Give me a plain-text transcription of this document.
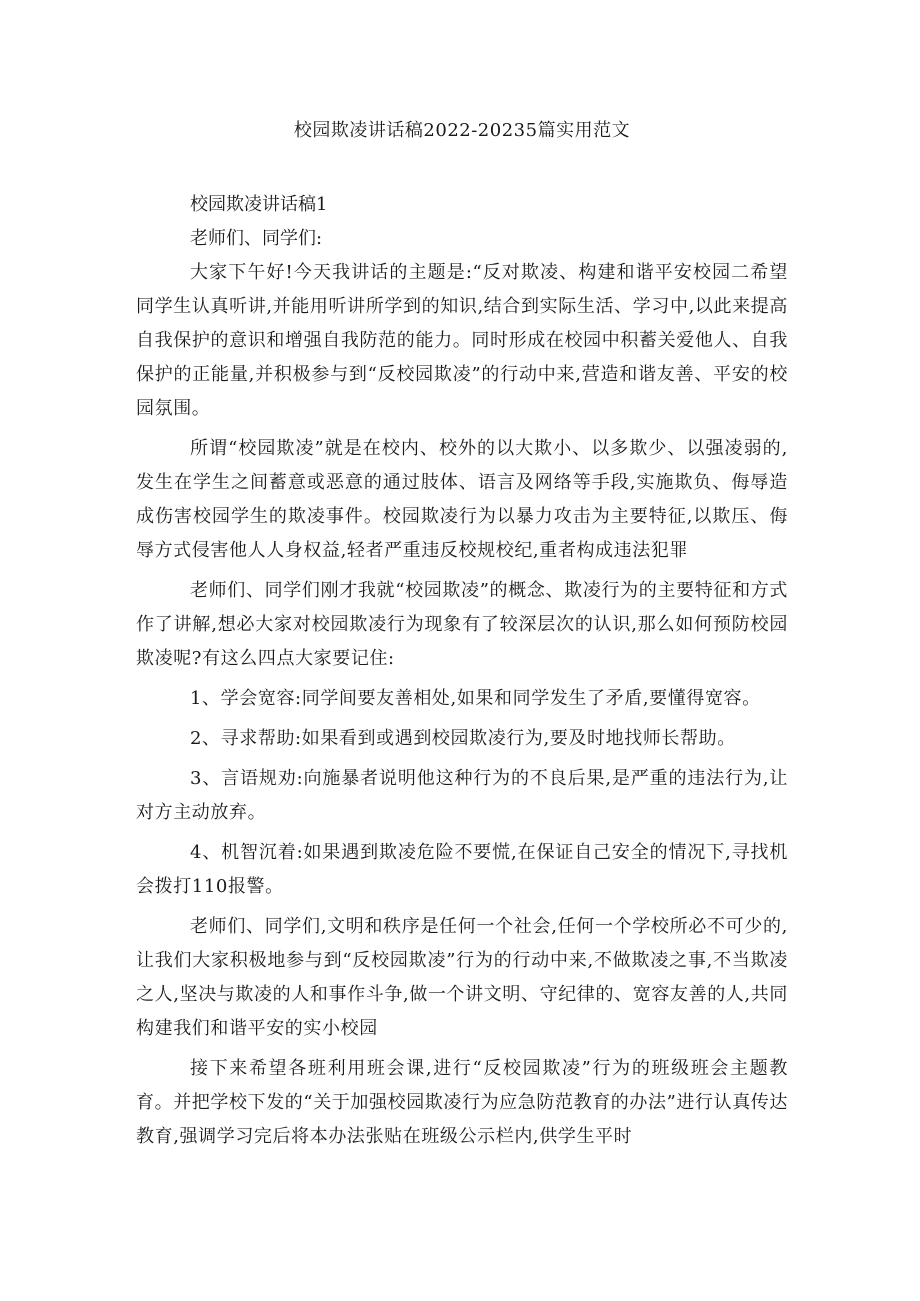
校园欺凌讲话稿2022-20235篇实用范文

校园欺凌讲话稿1

老师们、同学们:

大家下午好!今天我讲话的主题是:“反对欺凌、构建和谐平安校园二希望同学生认真听讲,并能用听讲所学到的知识,结合到实际生活、学习中,以此来提高自我保护的意识和增强自我防范的能力。同时形成在校园中积蓄关爱他人、自我保护的正能量,并积极参与到“反校园欺凌”的行动中来,营造和谐友善、平安的校园氛围。

所谓“校园欺凌”就是在校内、校外的以大欺小、以多欺少、以强凌弱的,发生在学生之间蓄意或恶意的通过肢体、语言及网络等手段,实施欺负、侮辱造成伤害校园学生的欺凌事件。校园欺凌行为以暴力攻击为主要特征,以欺压、侮辱方式侵害他人人身权益,轻者严重违反校规校纪,重者构成违法犯罪

老师们、同学们刚才我就“校园欺凌”的概念、欺凌行为的主要特征和方式作了讲解,想必大家对校园欺凌行为现象有了较深层次的认识,那么如何预防校园欺凌呢?有这么四点大家要记住:

1、学会宽容:同学间要友善相处,如果和同学发生了矛盾,要懂得宽容。

2、寻求帮助:如果看到或遇到校园欺凌行为,要及时地找师长帮助。

3、言语规劝:向施暴者说明他这种行为的不良后果,是严重的违法行为,让对方主动放弃。

4、机智沉着:如果遇到欺凌危险不要慌,在保证自己安全的情况下,寻找机会拨打110报警。

老师们、同学们,文明和秩序是任何一个社会,任何一个学校所必不可少的,让我们大家积极地参与到“反校园欺凌”行为的行动中来,不做欺凌之事,不当欺凌之人,坚决与欺凌的人和事作斗争,做一个讲文明、守纪律的、宽容友善的人,共同构建我们和谐平安的实小校园

接下来希望各班利用班会课,进行“反校园欺凌”行为的班级班会主题教育。并把学校下发的“关于加强校园欺凌行为应急防范教育的办法”进行认真传达教育,强调学习完后将本办法张贴在班级公示栏内,供学生平时
